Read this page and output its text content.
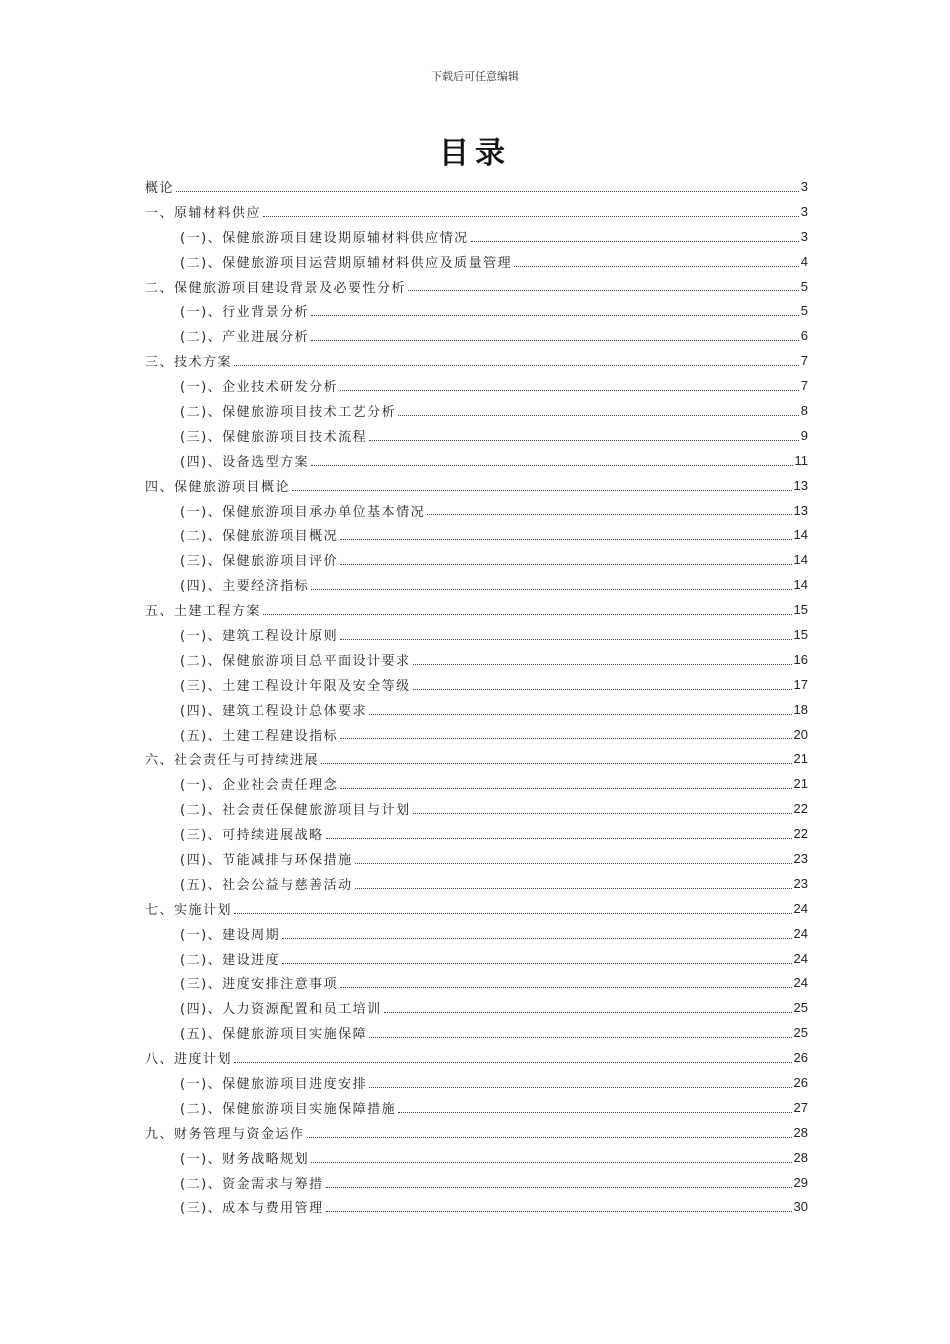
下载后可任意编辑
目录
概论	3
一、原辅材料供应	3
(一)、保健旅游项目建设期原辅材料供应情况	3
(二)、保健旅游项目运营期原辅材料供应及质量管理	4
二、保健旅游项目建设背景及必要性分析	5
(一)、行业背景分析	5
(二)、产业进展分析	6
三、技术方案	7
(一)、企业技术研发分析	7
(二)、保健旅游项目技术工艺分析	8
(三)、保健旅游项目技术流程	9
(四)、设备选型方案	11
四、保健旅游项目概论	13
(一)、保健旅游项目承办单位基本情况	13
(二)、保健旅游项目概况	14
(三)、保健旅游项目评价	14
(四)、主要经济指标	14
五、土建工程方案	15
(一)、建筑工程设计原则	15
(二)、保健旅游项目总平面设计要求	16
(三)、土建工程设计年限及安全等级	17
(四)、建筑工程设计总体要求	18
(五)、土建工程建设指标	20
六、社会责任与可持续进展	21
(一)、企业社会责任理念	21
(二)、社会责任保健旅游项目与计划	22
(三)、可持续进展战略	22
(四)、节能减排与环保措施	23
(五)、社会公益与慈善活动	23
七、实施计划	24
(一)、建设周期	24
(二)、建设进度	24
(三)、进度安排注意事项	24
(四)、人力资源配置和员工培训	25
(五)、保健旅游项目实施保障	25
八、进度计划	26
(一)、保健旅游项目进度安排	26
(二)、保健旅游项目实施保障措施	27
九、财务管理与资金运作	28
(一)、财务战略规划	28
(二)、资金需求与筹措	29
(三)、成本与费用管理	30
